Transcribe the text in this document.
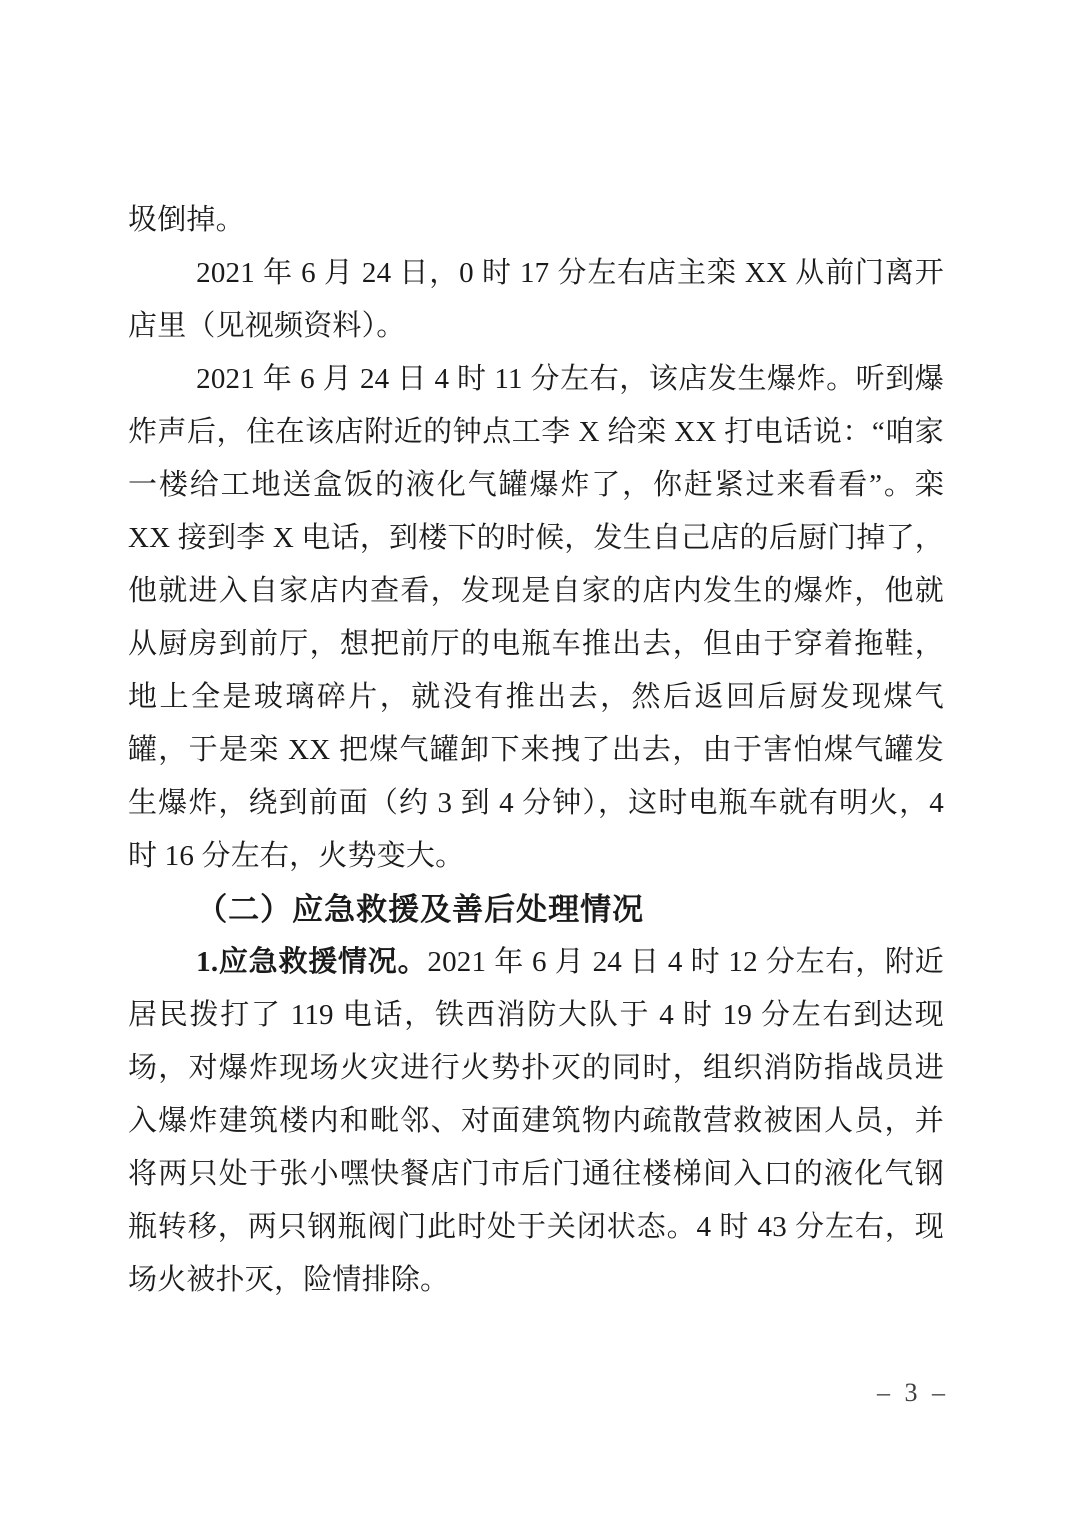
圾倒掉。

2021 年 6 月 24 日，0 时 17 分左右店主栾 XX 从前门离开店里（见视频资料）。

2021 年 6 月 24 日 4 时 11 分左右，该店发生爆炸。听到爆炸声后，住在该店附近的钟点工李 X 给栾 XX 打电话说：“咱家一楼给工地送盒饭的液化气罐爆炸了，你赶紧过来看看”。栾 XX 接到李 X 电话，到楼下的时候，发生自己店的后厨门掉了，他就进入自家店内查看，发现是自家的店内发生的爆炸，他就从厨房到前厅，想把前厅的电瓶车推出去，但由于穿着拖鞋，地上全是玻璃碎片，就没有推出去，然后返回后厨发现煤气罐，于是栾 XX 把煤气罐卸下来拽了出去，由于害怕煤气罐发生爆炸，绕到前面（约 3 到 4 分钟），这时电瓶车就有明火，4 时 16 分左右，火势变大。

（二）应急救援及善后处理情况

1.应急救援情况。2021 年 6 月 24 日 4 时 12 分左右，附近居民拨打了 119 电话，铁西消防大队于 4 时 19 分左右到达现场，对爆炸现场火灾进行火势扑灭的同时，组织消防指战员进入爆炸建筑楼内和毗邻、对面建筑物内疏散营救被困人员，并将两只处于张小嘿快餐店门市后门通往楼梯间入口的液化气钢瓶转移，两只钢瓶阀门此时处于关闭状态。4 时 43 分左右，现场火被扑灭，险情排除。

– 3 –
